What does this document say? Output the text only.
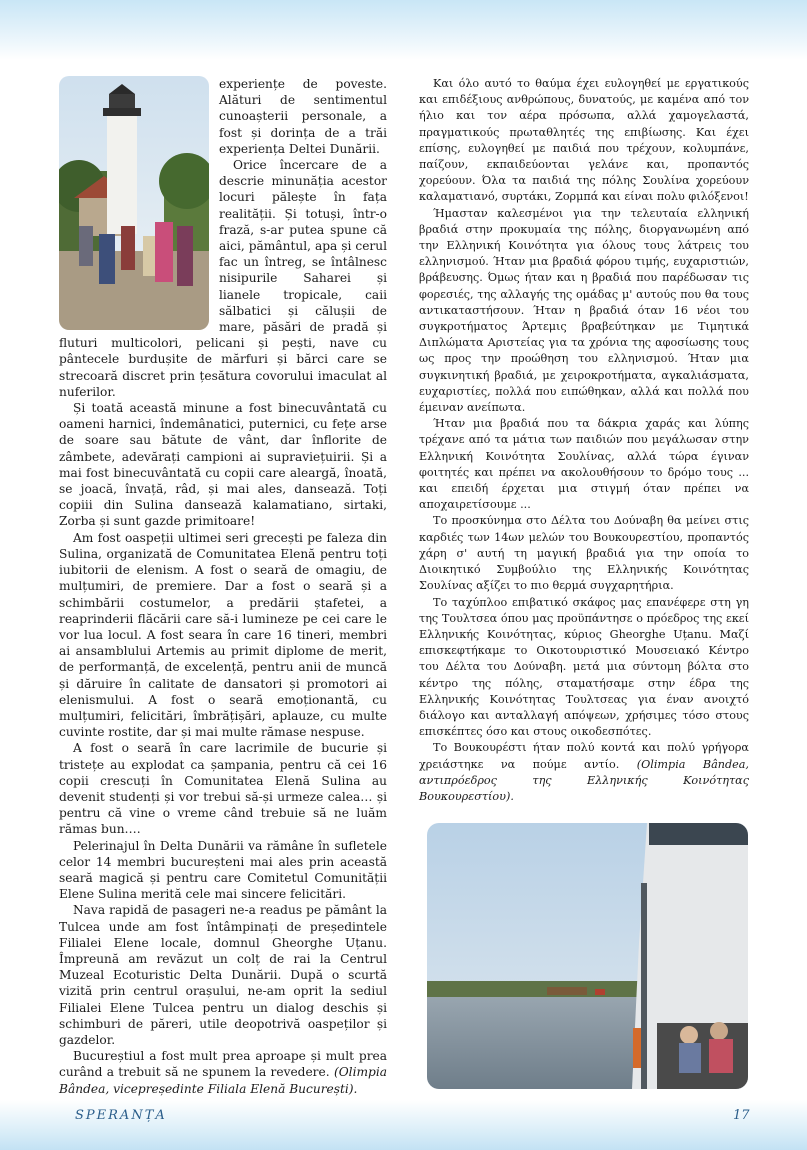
experiențe de poveste. Alături de sentimentul cunoașterii personale, a fost și dorința de a trăi experiența Deltei Dunării.

Orice încercare de a descrie minunăția acestor locuri pălește în fața realității. Și totuși, într-o frază, s-ar putea spune că aici, pământul, apa și cerul fac un întreg, se întâlnesc nisipurile Saharei și lianele tropicale, caii sălbatici și călușii de mare, păsări de pradă și fluturi multicolori, pelicani și pești, nave cu pântecele burdușite de mărfuri și bărci care se strecoară discret prin țesătura covorului imaculat al nuferilor.

Și toată această minune a fost binecuvântată cu oameni harnici, îndemânatici, puternici, cu fețe arse de soare sau bătute de vânt, dar înflorite de zâmbete, adevărați campioni ai supraviețuirii. Și a mai fost binecuvântată cu copii care aleargă, înoată, se joacă, învață, râd, și mai ales, dansează. Toți copiii din Sulina dansează kalamatiano, sirtaki, Zorba și sunt gazde primitoare!

Am fost oaspeții ultimei seri grecești pe faleza din Sulina, organizată de Comunitatea Elenă pentru toți iubitorii de elenism. A fost o seară de omagiu, de mulțumiri, de premiere. Dar a fost o seară și a schimbării costumelor, a predării ștafetei, a reaprinderii flăcării care să-i lumineze pe cei care le vor lua locul. A fost seara în care 16 tineri, membri ai ansamblului Artemis au primit diplome de merit, de performanță, de excelență, pentru anii de muncă și dăruire în calitate de dansatori și promotori ai elenismului. A fost o seară emoționantă, cu mulțumiri, felicitări, îmbrățișări, aplauze, cu multe cuvinte rostite, dar și mai multe rămase nespuse.

A fost o seară în care lacrimile de bucurie și tristețe au explodat ca șampania, pentru că cei 16 copii crescuți în Comunitatea Elenă Sulina au devenit studenți și vor trebui să-și urmeze calea… și pentru că vine o vreme când trebuie să ne luăm rămas bun….

Pelerinajul în Delta Dunării va rămâne în sufletele celor 14 membri bucureșteni mai ales prin această seară magică și pentru care Comitetul Comunității Elene Sulina merită cele mai sincere felicitări.

Nava rapidă de pasageri ne-a readus pe pământ la Tulcea unde am fost întâmpinați de președintele Filialei Elene locale, domnul Gheorghe Uțanu. Împreună am revăzut un colț de rai la Centrul Muzeal Ecoturistic Delta Dunării. După o scurtă vizită prin centrul orașului, ne-am oprit la sediul Filialei Elene Tulcea pentru un dialog deschis și schimburi de păreri, utile deopotrivă oaspeților și gazdelor.

Bucureștiul a fost mult prea aproape și mult prea curând a trebuit să ne spunem la revedere. (Olimpia Bândea, vicepreședinte Filiala Elenă București).

Και όλο αυτό το θαύμα έχει ευλογηθεί με εργατικούς και επιδέξιους ανθρώπους, δυνατούς, με καμένα από τον ήλιο και τον αέρα πρόσωπα, αλλά χαμογελαστά, πραγματικούς πρωταθλητές της επιβίωσης. Και έχει επίσης, ευλογηθεί με παιδιά που τρέχουν, κολυμπάνε, παίζουν, εκπαιδεύονται γελάνε και, προπαντός χορεύουν. Όλα τα παιδιά της πόλης Σουλίνα χορεύουν καλαματιανό, συρτάκι, Ζορμπά και είναι πολυ φιλόξενοι!

Ήμασταν καλεσμένοι για την τελευταία ελληνική βραδιά στην προκυμαία της πόλης, διοργανωμένη από την Ελληνική Κοινότητα για όλους τους λάτρεις του ελληνισμού. Ήταν μια βραδιά φόρου τιμής, ευχαριστιών, βράβευσης. Όμως ήταν και η βραδιά που παρέδωσαν τις φορεσιές, της αλλαγής της ομάδας μ' αυτούς που θα τους αντικαταστήσουν. Ήταν η βραδιά όταν 16 νέοι του συγκροτήματος Άρτεμις βραβεύτηκαν με Τιμητικά Διπλώματα Αριστείας για τα χρόνια της αφοσίωσης τους ως προς την προώθηση του ελληνισμού. Ήταν μια συγκινητική βραδιά, με χειροκροτήματα, αγκαλιάσματα, ευχαριστίες, πολλά που ειπώθηκαν, αλλά και πολλά που έμειναν ανείπωτα.

Ήταν μια βραδιά που τα δάκρια χαράς και λύπης τρέχανε από τα μάτια των παιδιών που μεγάλωσαν στην Ελληνική Κοινότητα Σουλίνας, αλλά τώρα έγιναν φοιτητές και πρέπει να ακολουθήσουν το δρόμο τους ... και επειδή έρχεται μια στιγμή όταν πρέπει να αποχαιρετίσουμε ...

Το προσκύνημα στο Δέλτα του Δούναβη θα μείνει στις καρδιές των 14ων μελών του Βουκουρεστίου, προπαντός χάρη σ' αυτή τη μαγική βραδιά για την οποία το Διοικητικό Συμβούλιο της Ελληνικής Κοινότητας Σουλίνας αξίζει το πιο θερμά συγχαρητήρια.

Το ταχύπλοο επιβατικό σκάφος μας επανέφερε στη γη της Τουλτσεα όπου μας προϋπάντησε ο πρόεδρος της εκεί Ελληνικής Κοινότητας, κύριος Gheorghe Uțanu. Μαζί επισκεφτήκαμε το Οικοτουριστικό Μουσειακό Κέντρο του Δέλτα του Δούναβη. μετά μια σύντομη βόλτα στο κέντρο της πόλης, σταματήσαμε στην έδρα της Ελληνικής Κοινότητας Τουλτσεας για έναν ανοιχτό διάλογο και ανταλλαγή απόψεων, χρήσιμες τόσο στους επισκέπτες όσο και στους οικοδεσπότες.

Το Βουκουρέστι ήταν πολύ κοντά και πολύ γρήγορα χρειάστηκε να πούμε αντίο. (Olimpia Bândea, αντιπρόεδρος της Ελληνικής Κοινότητας Βουκουρεστίου).

SPERANȚA	17
